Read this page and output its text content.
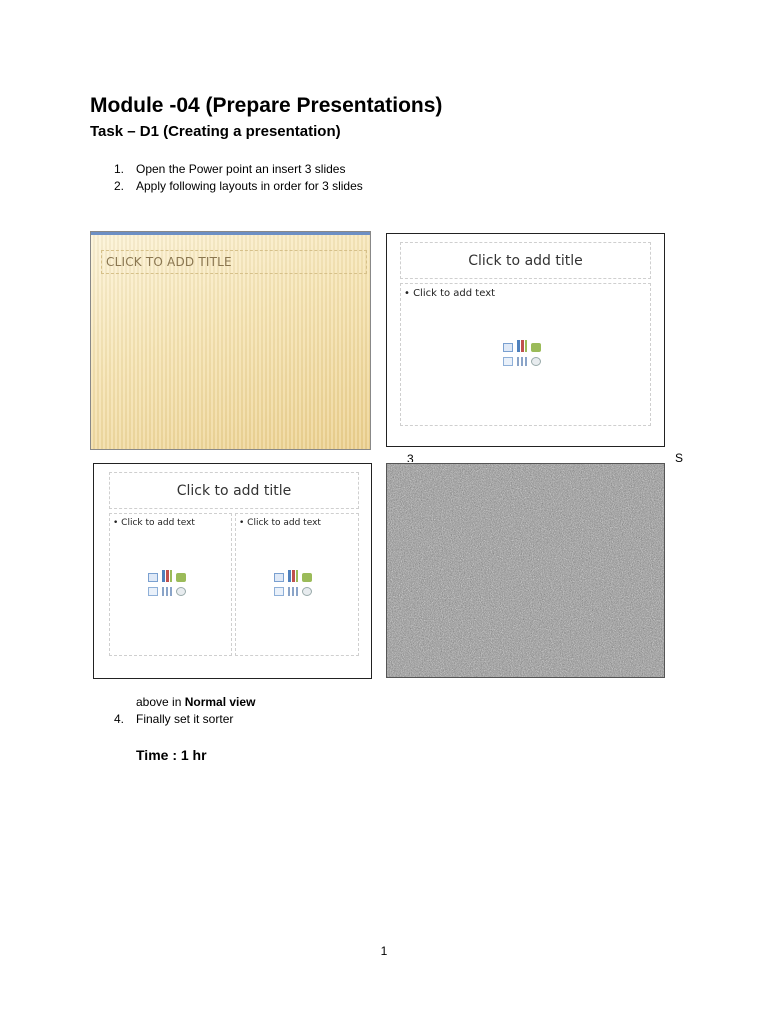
Module -04 (Prepare Presentations)
Task – D1 (Creating a presentation)
1. Open the Power point an insert 3 slides
2. Apply following layouts in order for 3 slides
CLICK TO ADD TITLE	Click to add title
• Click to add text
3	S
Click to add title
• Click to add text	• Click to add text
above in Normal view
4. Finally set it sorter
Time : 1 hr
1
